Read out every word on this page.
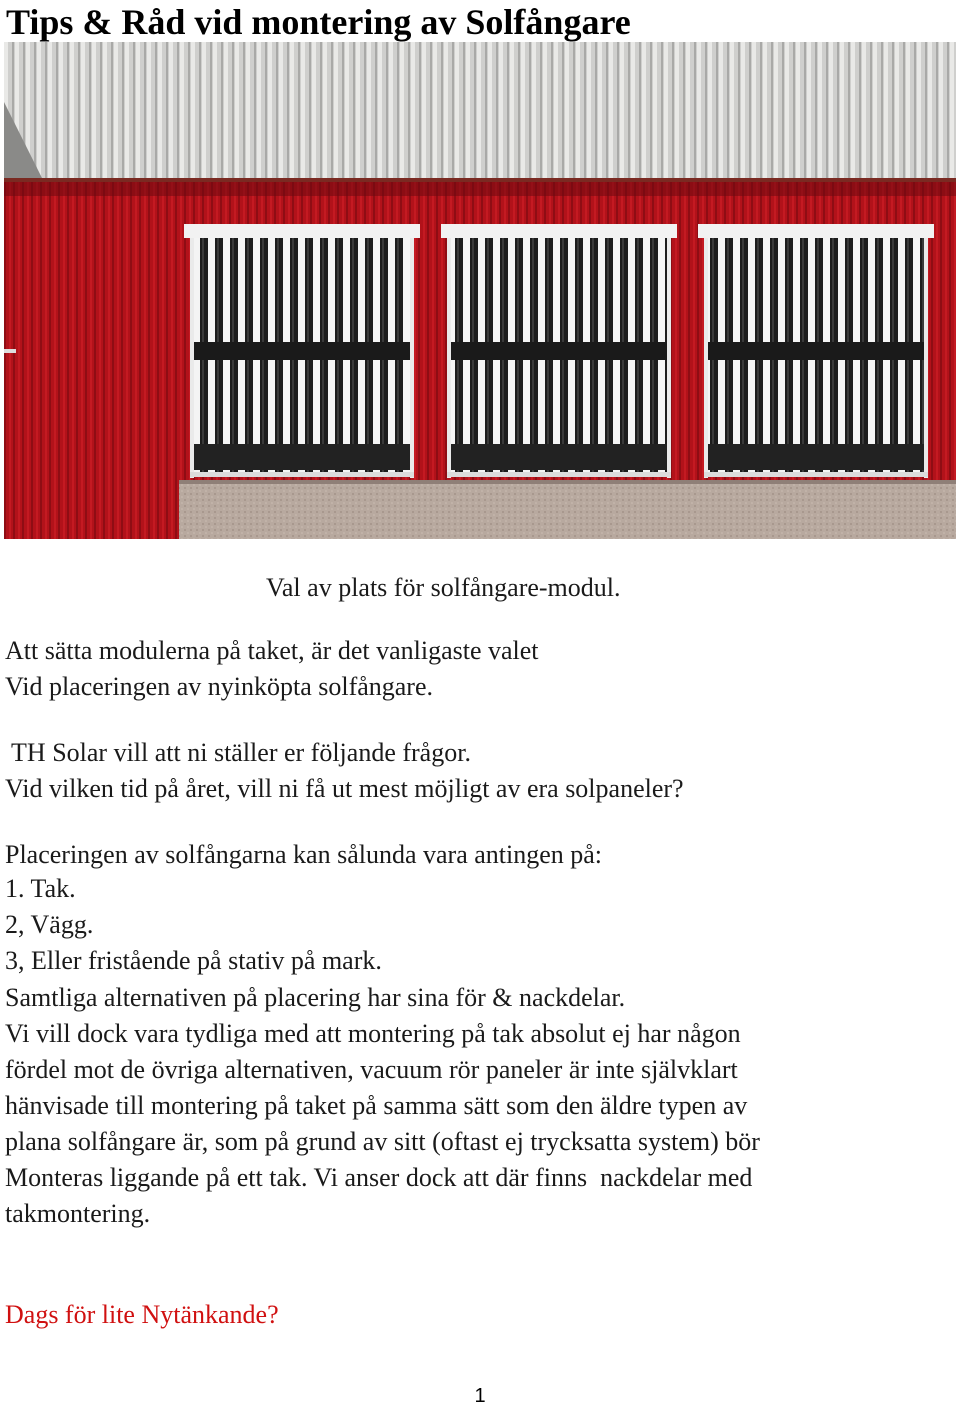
Tips & Råd vid montering av Solfångare

Val av plats för solfångare-modul.

Att sätta modulerna på taket, är det vanligaste valet

Vid placeringen av nyinköpta solfångare.

TH Solar vill att ni ställer er följande frågor.

Vid vilken tid på året, vill ni få ut mest möjligt av era solpaneler?

Placeringen av solfångarna kan sålunda vara antingen på:

1. Tak.

2, Vägg.

3, Eller fristående på stativ på mark.

Samtliga alternativen på placering har sina för & nackdelar.

Vi vill dock vara tydliga med att montering på tak absolut ej har någon

fördel mot de övriga alternativen, vacuum rör paneler är inte självklart

hänvisade till montering på taket på samma sätt som den äldre typen av

plana solfångare är, som på grund av sitt (oftast ej trycksatta system) bör

Monteras liggande på ett tak. Vi anser dock att där finns  nackdelar med

takmontering.

Dags för lite Nytänkande?

1
